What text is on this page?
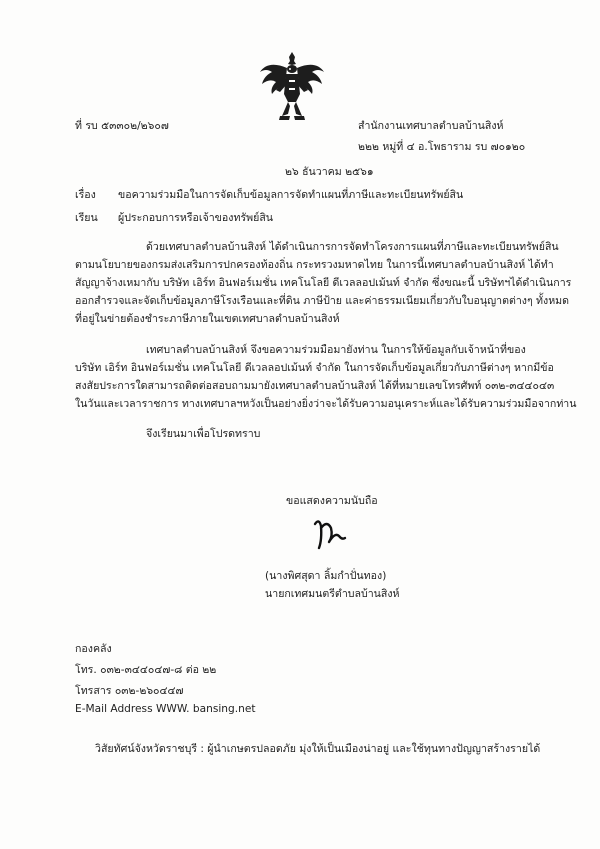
ที่ รบ ๕๓๓๐๒/๒๖๐๗	สำนักงานเทศบาลตำบลบ้านสิงห์
๒๒๒ หมู่ที่ ๔ อ.โพธาราม รบ ๗๐๑๒๐
๒๖ ธันวาคม ๒๕๖๑
เรื่อง ขอความร่วมมือในการจัดเก็บข้อมูลการจัดทำแผนที่ภาษีและทะเบียนทรัพย์สิน
เรียน ผู้ประกอบการหรือเจ้าของทรัพย์สิน
ด้วยเทศบาลตำบลบ้านสิงห์ ได้ดำเนินการการจัดทำโครงการแผนที่ภาษีและทะเบียนทรัพย์สิน
ตามนโยบายของกรมส่งเสริมการปกครองท้องถิ่น กระทรวงมหาดไทย ในการนี้เทศบาลตำบลบ้านสิงห์ ได้ทำ
สัญญาจ้างเหมากับ บริษัท เอิร์ท อินฟอร์เมชั่น เทคโนโลยี ดีเวลลอปเม้นท์ จำกัด ซึ่งขณะนี้ บริษัทฯได้ดำเนินการ
ออกสำรวจและจัดเก็บข้อมูลภาษีโรงเรือนและที่ดิน ภาษีป้าย และค่าธรรมเนียมเกี่ยวกับใบอนุญาตต่างๆ ทั้งหมด
ที่อยู่ในข่ายต้องชำระภาษีภายในเขตเทศบาลตำบลบ้านสิงห์
เทศบาลตำบลบ้านสิงห์ จึงขอความร่วมมือมายังท่าน ในการให้ข้อมูลกับเจ้าหน้าที่ของ
บริษัท เอิร์ท อินฟอร์เมชั่น เทคโนโลยี ดีเวลลอปเม้นท์ จำกัด ในการจัดเก็บข้อมูลเกี่ยวกับภาษีต่างๆ หากมีข้อ
สงสัยประการใดสามารถติดต่อสอบถามมายังเทศบาลตำบลบ้านสิงห์ ได้ที่หมายเลขโทรศัพท์ ๐๓๒-๓๔๔๐๔๓
ในวันและเวลาราชการ ทางเทศบาลฯหวังเป็นอย่างยิ่งว่าจะได้รับความอนุเคราะห์และได้รับความร่วมมือจากท่าน
จึงเรียนมาเพื่อโปรดทราบ
ขอแสดงความนับถือ
(นางพิศสุดา ลิ้มกำปั่นทอง)
นายกเทศมนตรีตำบลบ้านสิงห์
กองคลัง
โทร. ๐๓๒-๓๔๔๐๔๗-๘ ต่อ ๒๒
โทรสาร ๐๓๒-๒๖๐๔๔๗
E-Mail Address WWW. bansing.net
วิสัยทัศน์จังหวัดราชบุรี : ผู้นำเกษตรปลอดภัย มุ่งให้เป็นเมืองน่าอยู่ และใช้ทุนทางปัญญาสร้างรายได้
